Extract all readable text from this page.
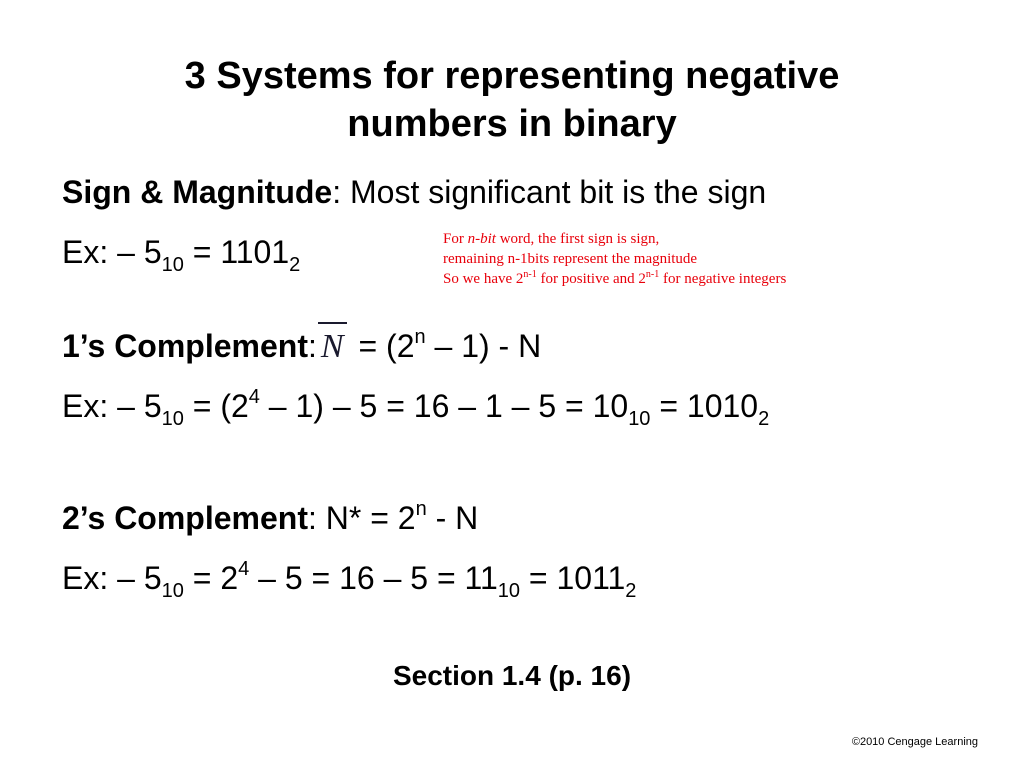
3 Systems for representing negative
numbers in binary
Sign & Magnitude: Most significant bit is the sign
Ex: – $5_{10} = 1101_2$
For n-bit word, the first sign is sign,
remaining n-1bits represent the magnitude
So we have 2$^{n-1}$ for positive and 2$^{n-1}$ for negative integers
1’s Complement: $N = (2^n - 1) - N$
Ex: – $5_{10} = (2^4 - 1) - 5 = 16 - 1 - 5 = 10_{10} = 1010_2$
2’s Complement: $N* = 2^n - N$
Ex: – $5_{10} = 2^4 - 5 = 16 - 5 = 11_{10} = 1011_2$
Section 1.4 (p. 16)
©2010 Cengage Learning
